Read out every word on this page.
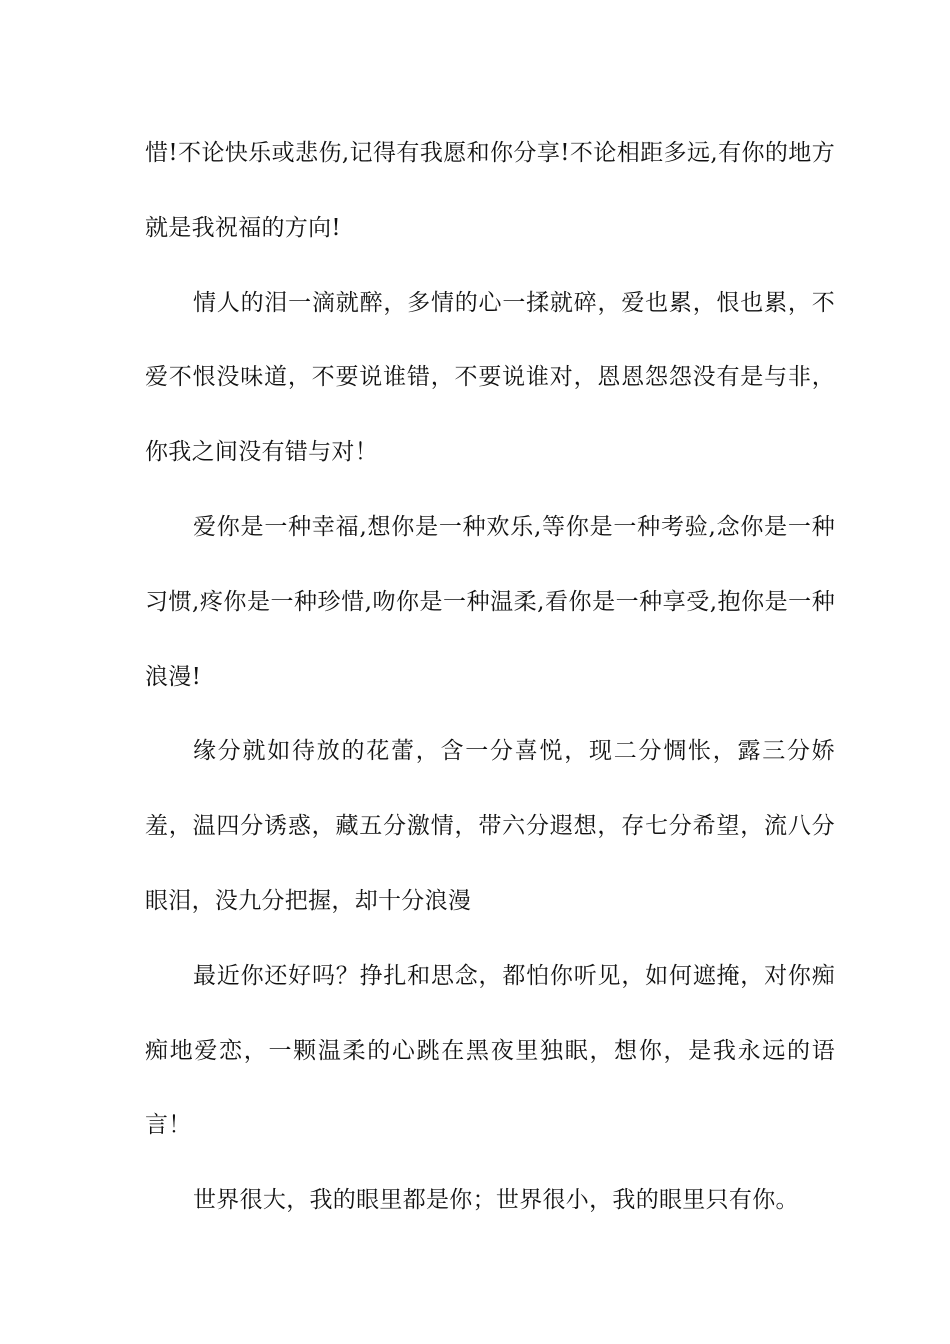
惜!不论快乐或悲伤,记得有我愿和你分享!不论相距多远,有你的地方就是我祝福的方向!

情人的泪一滴就醉，多情的心一揉就碎，爱也累，恨也累，不爱不恨没味道，不要说谁错，不要说谁对，恩恩怨怨没有是与非，你我之间没有错与对！

爱你是一种幸福,想你是一种欢乐,等你是一种考验,念你是一种习惯,疼你是一种珍惜,吻你是一种温柔,看你是一种享受,抱你是一种浪漫!

缘分就如待放的花蕾，含一分喜悦，现二分惆怅，露三分娇羞，温四分诱惑，藏五分激情，带六分遐想，存七分希望，流八分眼泪，没九分把握，却十分浪漫

最近你还好吗？挣扎和思念，都怕你听见，如何遮掩，对你痴痴地爱恋，一颗温柔的心跳在黑夜里独眠，想你，是我永远的语言！

世界很大，我的眼里都是你；世界很小，我的眼里只有你。
